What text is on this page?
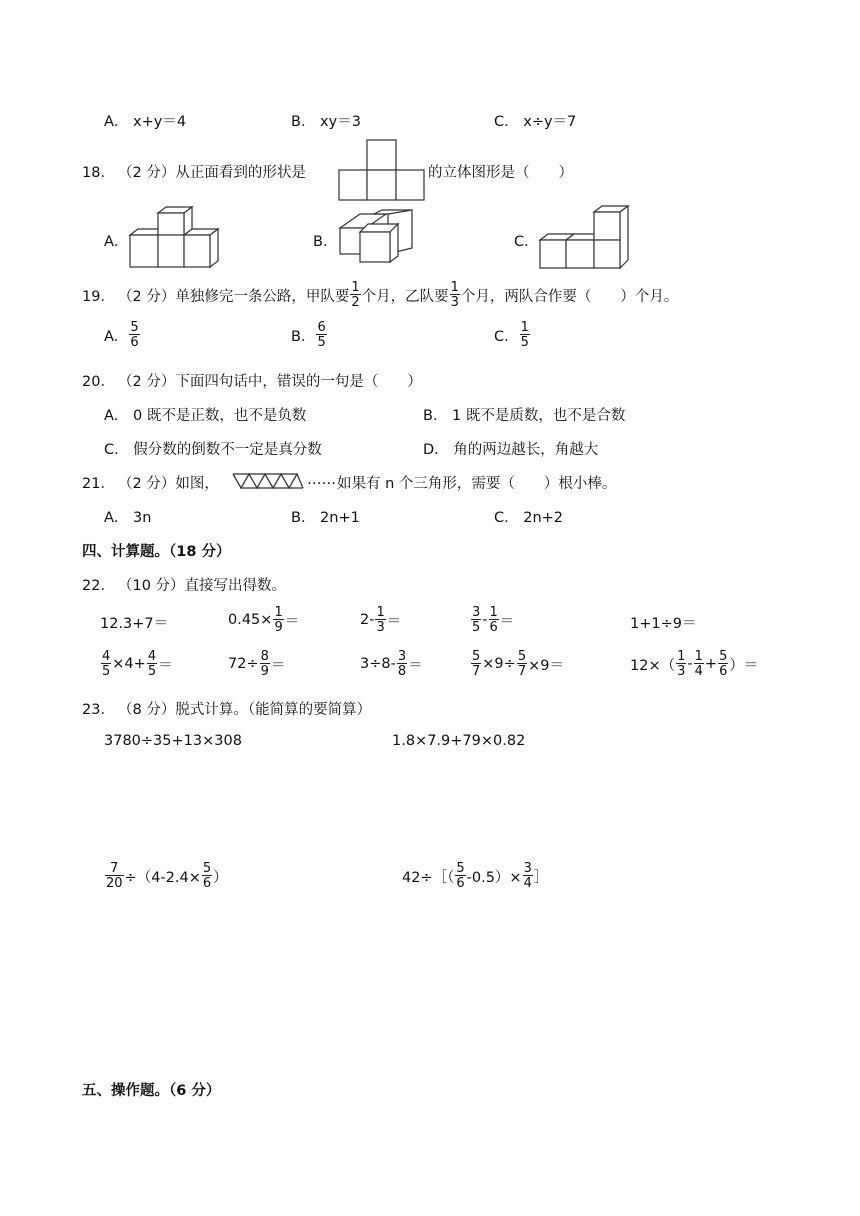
A． x+y＝4	B． xy＝3	C． x÷y＝7
18． （2 分）从正面看到的形状是	的立体图形是（　　）
A．	B．	C．
19． （2 分）单独修完一条公路，甲队要 $\frac{1}{2}$ 个月，乙队要 $\frac{1}{3}$ 个月，两队合作要（　　）个月。
A． $\frac{5}{6}$	B． $\frac{6}{5}$	C． $\frac{1}{5}$
20． （2 分）下面四句话中，错误的一句是（　　）
A． 0 既不是正数，也不是负数	B． 1 既不是质数，也不是合数
C． 假分数的倒数不一定是真分数	D． 角的两边越长，角越大
21． （2 分）如图，	…… 如果有 n 个三角形，需要（　　）根小棒。
A． 3n	B． 2n+1	C． 2n+2
四、计算题。（18 分）
22． （10 分）直接写出得数。
12.3+7＝	$0.45\times \frac{1}{9}$ ＝	$2- \frac{1}{3}$ ＝	$\frac{3}{5} - \frac{1}{6}$ ＝	1+1÷9＝
$\frac{4}{5} \times 4+ \frac{4}{5}$ ＝	$72\div \frac{8}{9}$ ＝	$3\div 8- \frac{3}{8}$ ＝	$\frac{5}{7} \times 9\div \frac{5}{7} \times 9=$	$12\times( \frac{1}{3} - \frac{1}{4} + \frac{5}{6}$ ）＝
23． （8 分）脱式计算。（能简算的要简算）
3780÷35+13×308	1.8×7.9+79×0.82
$\frac{7}{20} \div(4-2.4\times \frac{5}{6}$ ）	42÷［（ $\frac{5}{6} -0.5)\times \frac{3}{4}$ ］
五、操作题。（6 分）
